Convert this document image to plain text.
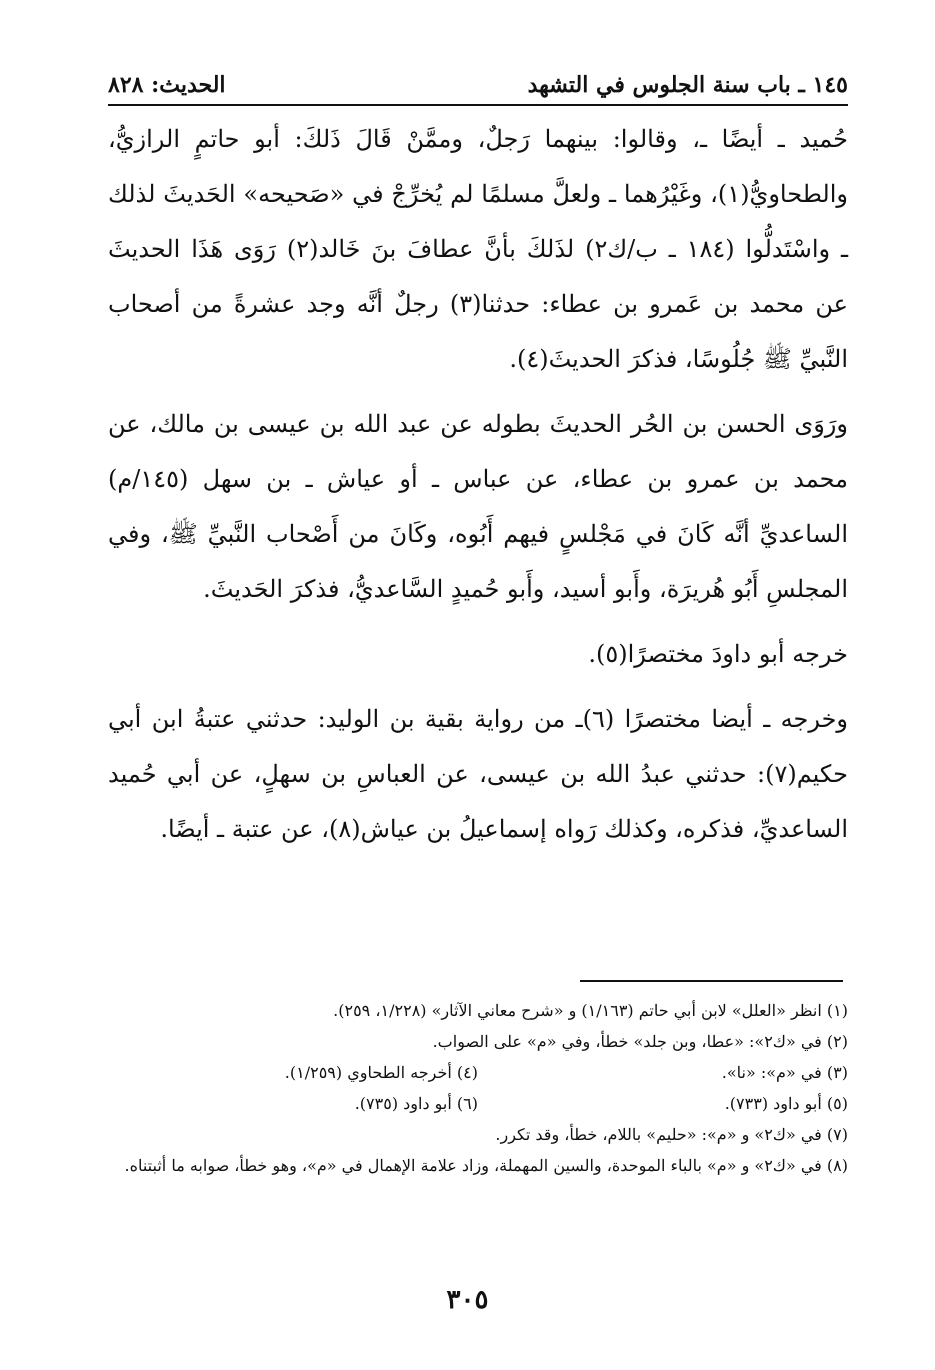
١٤٥ ـ باب سنة الجلوس في التشهد
الحديث: ٨٢٨

حُميد ـ أيضًا ـ، وقالوا: بينهما رَجلٌ، وممَّنْ قَالَ ذَلكَ: أبو حاتمٍ الرازيُّ، والطحاويُّ(١)، وغَيْرُهما ـ ولعلَّ مسلمًا لم يُخرِّجْ في «صَحيحه» الحَديثَ لذلك ـ واسْتَدلُّوا (١٨٤ ـ ب/ك٢) لذَلكَ بأنَّ عطافَ بنَ خَالد(٢) رَوَى هَذَا الحديثَ عن محمد بن عَمرو بن عطاء: حدثنا(٣) رجلٌ أنَّه وجد عشرةً من أصحاب النَّبيِّ ﷺ جُلُوسًا، فذكرَ الحديثَ(٤).

ورَوَى الحسن بن الحُر الحديثَ بطوله عن عبد الله بن عيسى بن مالك، عن محمد بن عمرو بن عطاء، عن عباس ـ أو عياش ـ بن سهل (١٤٥/م) الساعديِّ أنَّه كَانَ في مَجْلسٍ فيهم أَبُوه، وكَانَ من أَصْحاب النَّبيِّ ﷺ، وفي المجلسِ أَبُو هُريرَة، وأَبو أسيد، وأَبو حُميدٍ السَّاعديُّ، فذكرَ الحَديثَ.

خرجه أبو داودَ مختصرًا(٥).

وخرجه ـ أيضا مختصرًا (٦)ـ من رواية بقية بن الوليد: حدثني عتبةُ ابن أبي حكيم(٧): حدثني عبدُ الله بن عيسى، عن العباسِ بن سهلٍ، عن أبي حُميد الساعديِّ، فذكره، وكذلك رَواه إسماعيلُ بن عياش(٨)، عن عتبة ـ أيضًا.

(١) انظر «العلل» لابن أبي حاتم (١/١٦٣) و «شرح معاني الآثار» (١/٢٢٨، ٢٥٩).

(٢) في «ك٢»: «عطا، وبن جلد» خطأ، وفي «م» على الصواب.

(٣) في «م»: «نا».

(٤) أخرجه الطحاوي (١/٢٥٩).

(٥) أبو داود (٧٣٣).

(٦) أبو داود (٧٣٥).

(٧) في «ك٢» و «م»: «حليم» باللام، خطأ، وقد تكرر.

(٨) في «ك٢» و «م» بالباء الموحدة، والسين المهملة، وزاد علامة الإهمال في «م»، وهو خطأ، صوابه ما أثبتناه.

٣٠٥
